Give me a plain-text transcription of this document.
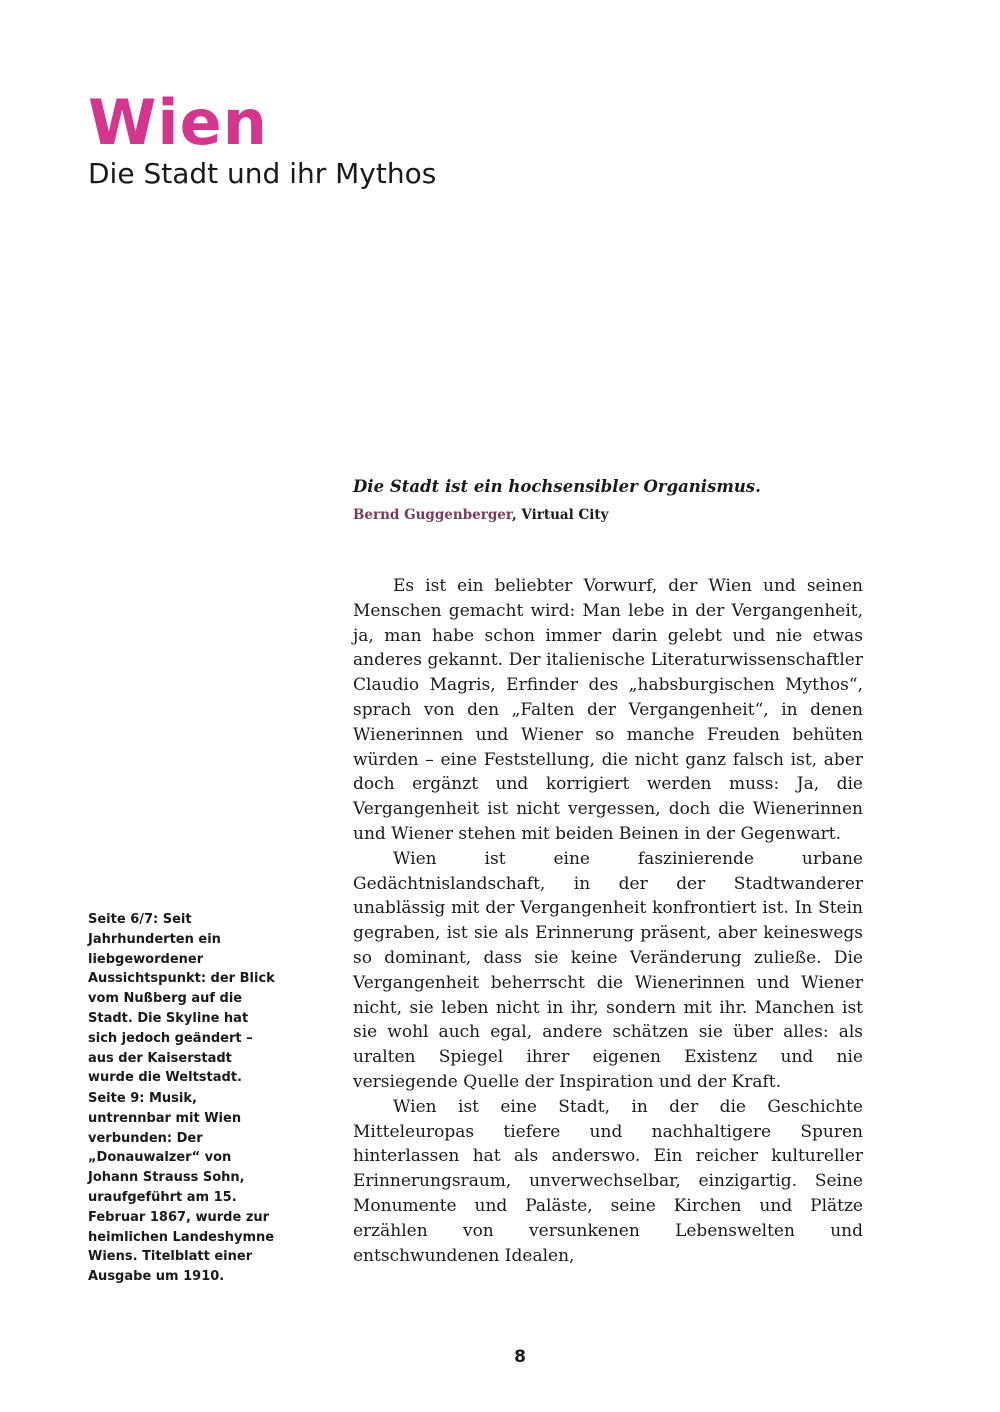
Wien
Die Stadt und ihr Mythos

Die Stadt ist ein hochsensibler Organismus.

Bernd Guggenberger, Virtual City

Es ist ein beliebter Vorwurf, der Wien und seinen Menschen gemacht wird: Man lebe in der Vergangenheit, ja, man habe schon immer darin gelebt und nie etwas anderes gekannt. Der italienische Literaturwissenschaftler Claudio Magris, Erfinder des „habsburgischen Mythos“, sprach von den „Falten der Vergangenheit“, in denen Wienerinnen und Wiener so manche Freuden behüten würden – eine Feststellung, die nicht ganz falsch ist, aber doch ergänzt und korrigiert werden muss: Ja, die Vergangenheit ist nicht vergessen, doch die Wienerinnen und Wiener stehen mit beiden Beinen in der Gegenwart.

Wien ist eine faszinierende urbane Gedächtnislandschaft, in der der Stadtwanderer unablässig mit der Vergangenheit konfrontiert ist. In Stein gegraben, ist sie als Erinnerung präsent, aber keineswegs so dominant, dass sie keine Veränderung zuließe. Die Vergangenheit beherrscht die Wienerinnen und Wiener nicht, sie leben nicht in ihr, sondern mit ihr. Manchen ist sie wohl auch egal, andere schätzen sie über alles: als uralten Spiegel ihrer eigenen Existenz und nie versiegende Quelle der Inspiration und der Kraft.

Wien ist eine Stadt, in der die Geschichte Mitteleuropas tiefere und nachhaltigere Spuren hinterlassen hat als anderswo. Ein reicher kultureller Erinnerungsraum, unverwechselbar, einzigartig. Seine Monumente und Paläste, seine Kirchen und Plätze erzählen von versunkenen Lebenswelten und entschwundenen Idealen,

Seite 6/7: Seit Jahrhunderten ein liebgewordener Aussichtspunkt: der Blick vom Nußberg auf die Stadt. Die Skyline hat sich jedoch geändert – aus der Kaiserstadt wurde die Weltstadt.
Seite 9: Musik, untrennbar mit Wien verbunden: Der „Donauwalzer“ von Johann Strauss Sohn, uraufgeführt am 15. Februar 1867, wurde zur heimlichen Landeshymne Wiens. Titelblatt einer Ausgabe um 1910.
8
